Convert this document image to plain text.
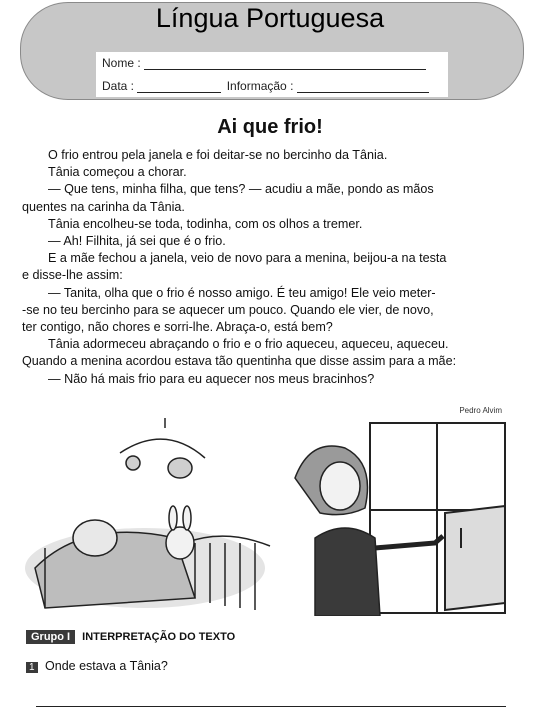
Língua Portuguesa
Nome :
Data :	Informação :
Ai que frio!
O frio entrou pela janela e foi deitar-se no bercinho da Tânia.
Tânia começou a chorar.
— Que tens, minha filha, que tens? — acudiu a mãe, pondo as mãos
quentes na carinha da Tânia.
Tânia encolheu-se toda, todinha, com os olhos a tremer.
— Ah! Filhita, já sei que é o frio.
E a mãe fechou a janela, veio de novo para a menina, beijou-a na testa
e disse-lhe assim:
— Tanita, olha que o frio é nosso amigo. É teu amigo! Ele veio meter-
-se no teu bercinho para se aquecer um pouco. Quando ele vier, de novo,
ter contigo, não chores e sorri-lhe. Abraça-o, está bem?
Tânia adormeceu abraçando o frio e o frio aqueceu, aqueceu, aqueceu.
Quando a menina acordou estava tão quentinha que disse assim para a mãe:
— Não há mais frio para eu aquecer nos meus bracinhos?
Pedro Alvim
Grupo I INTERPRETAÇÃO DO TEXTO
1 Onde estava a Tânia?
